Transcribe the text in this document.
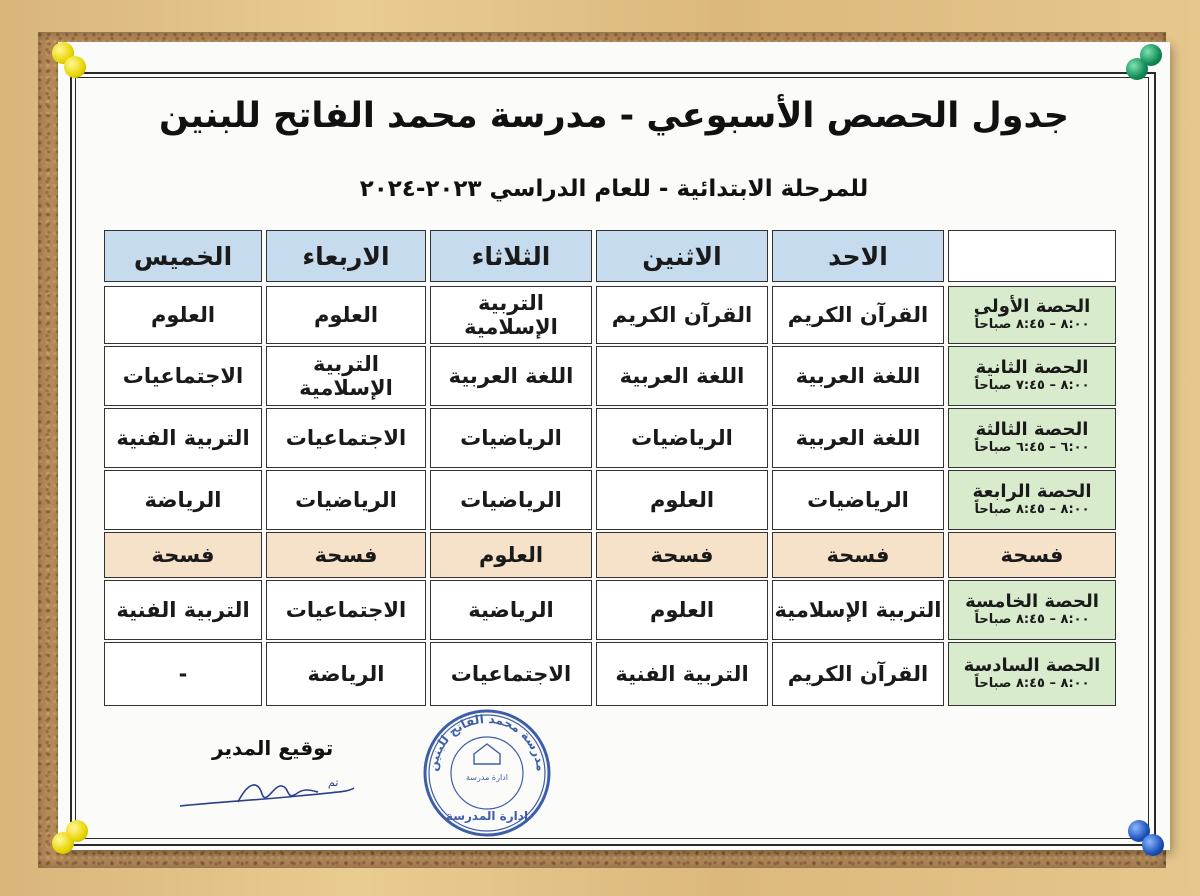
جدول الحصص الأسبوعي - مدرسة محمد الفاتح للبنين
للمرحلة الابتدائية - للعام الدراسي ٢٠٢٣-٢٠٢٤
الاحد
الاثنين
الثلاثاء
الاربعاء
الخميس
الحصة الأولى
٨:٠٠ – ٨:٤٥ صباحاً
القرآن الكريم
القرآن الكريم
التربية الإسلامية
العلوم
العلوم
الحصة الثانية
٨:٠٠ – ٧:٤٥ صباحاً
اللغة العربية
اللغة العربية
اللغة العربية
التربية الإسلامية
الاجتماعيات
الحصة الثالثة
٦:٠٠ – ٦:٤٥ صباحاً
اللغة العربية
الرياضيات
الرياضيات
الاجتماعيات
التربية الفنية
الحصة الرابعة
٨:٠٠ – ٨:٤٥ صباحاً
الرياضيات
العلوم
الرياضيات
الرياضيات
الرياضة
فسحة
فسحة
فسحة
العلوم
فسحة
فسحة
الحصة الخامسة
٨:٠٠ – ٨:٤٥ صباحاً
التربية الإسلامية
العلوم
الرياضية
الاجتماعيات
التربية الفنية
الحصة السادسة
٨:٠٠ – ٨:٤٥ صباحاً
القرآن الكريم
التربية الفنية
الاجتماعيات
الرياضة
-
توقيع المدير
تم
مدرسة محمد الفاتح للبنين
ادارة مدرسة
إدارة المدرسة
